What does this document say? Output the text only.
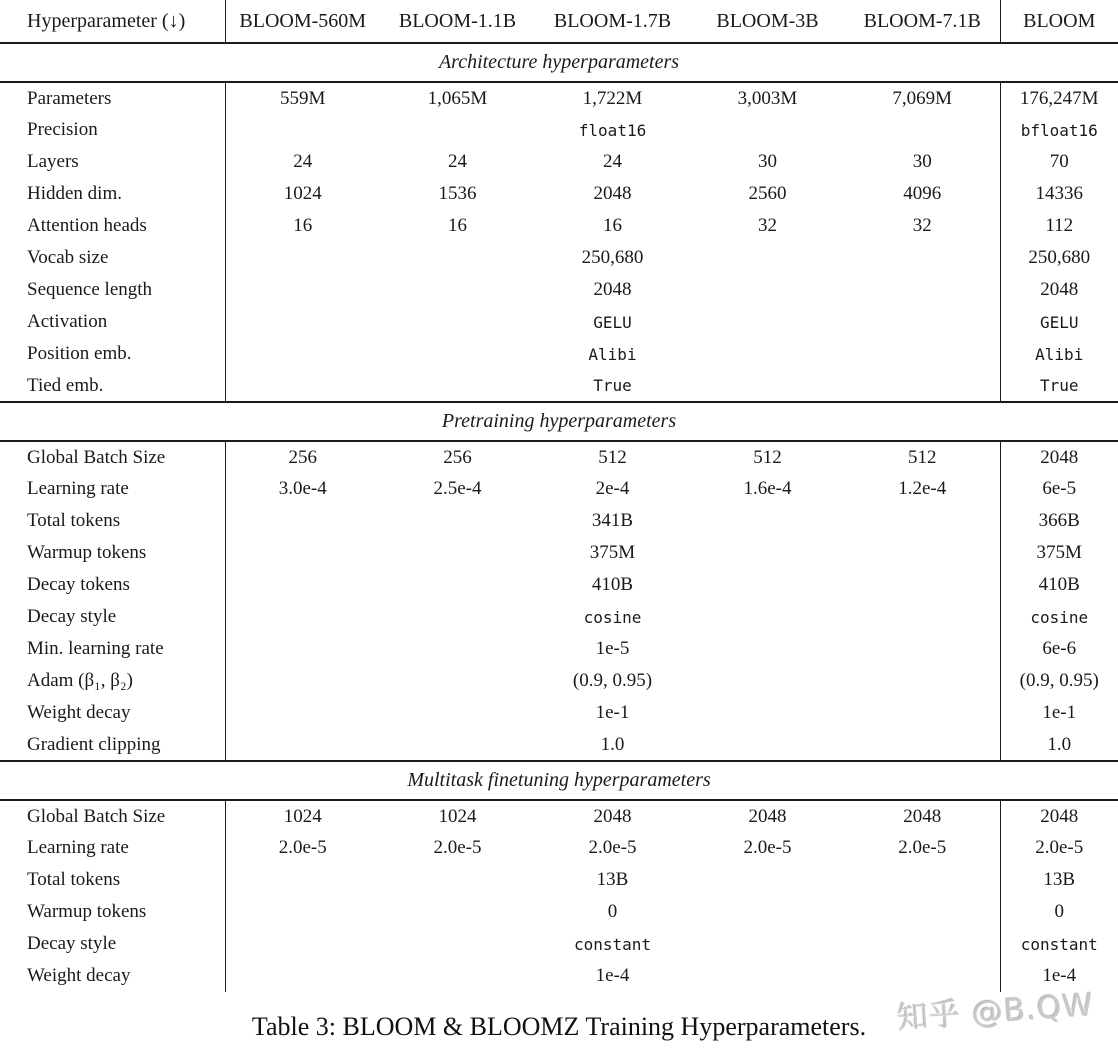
Hyperparameter (↓)	BLOOM-560M	BLOOM-1.1B	BLOOM-1.7B	BLOOM-3B	BLOOM-7.1B	BLOOM
Architecture hyperparameters						
Parameters	559M	1,065M	1,722M	3,003M	7,069M	176,247M
Precision	float16					bfloat16
Layers	24	24	24	30	30	70
Hidden dim.	1024	1536	2048	2560	4096	14336
Attention heads	16	16	16	32	32	112
Vocab size	250,680					250,680
Sequence length	2048					2048
Activation	GELU					GELU
Position emb.	Alibi					Alibi
Tied emb.	True					True
Pretraining hyperparameters						
Global Batch Size	256	256	512	512	512	2048
Learning rate	3.0e-4	2.5e-4	2e-4	1.6e-4	1.2e-4	6e-5
Total tokens	341B					366B
Warmup tokens	375M					375M
Decay tokens	410B					410B
Decay style	cosine					cosine
Min. learning rate	1e-5					6e-6
Adam (β₁, β₂)	(0.9, 0.95)					(0.9, 0.95)
Weight decay	1e-1					1e-1
Gradient clipping	1.0					1.0
Multitask finetuning hyperparameters						
Global Batch Size	1024	1024	2048	2048	2048	2048
Learning rate	2.0e-5	2.0e-5	2.0e-5	2.0e-5	2.0e-5	2.0e-5
Total tokens	13B					13B
Warmup tokens	0					0
Decay style	constant					constant
Weight decay	1e-4					1e-4
Table 3: BLOOM & BLOOMZ Training Hyperparameters. 知乎 @B.QW
